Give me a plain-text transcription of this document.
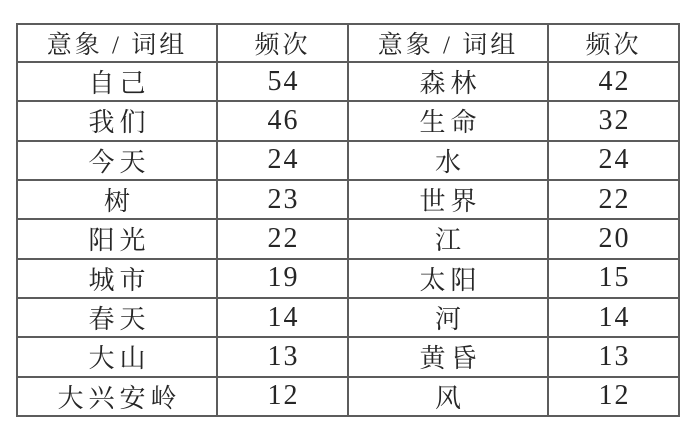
意象 / 词组	频次	意象 / 词组	频次
自己	54	森林	42
我们	46	生命	32
今天	24	水	24
树	23	世界	22
阳光	22	江	20
城市	19	太阳	15
春天	14	河	14
大山	13	黄昏	13
大兴安岭	12	风	12
